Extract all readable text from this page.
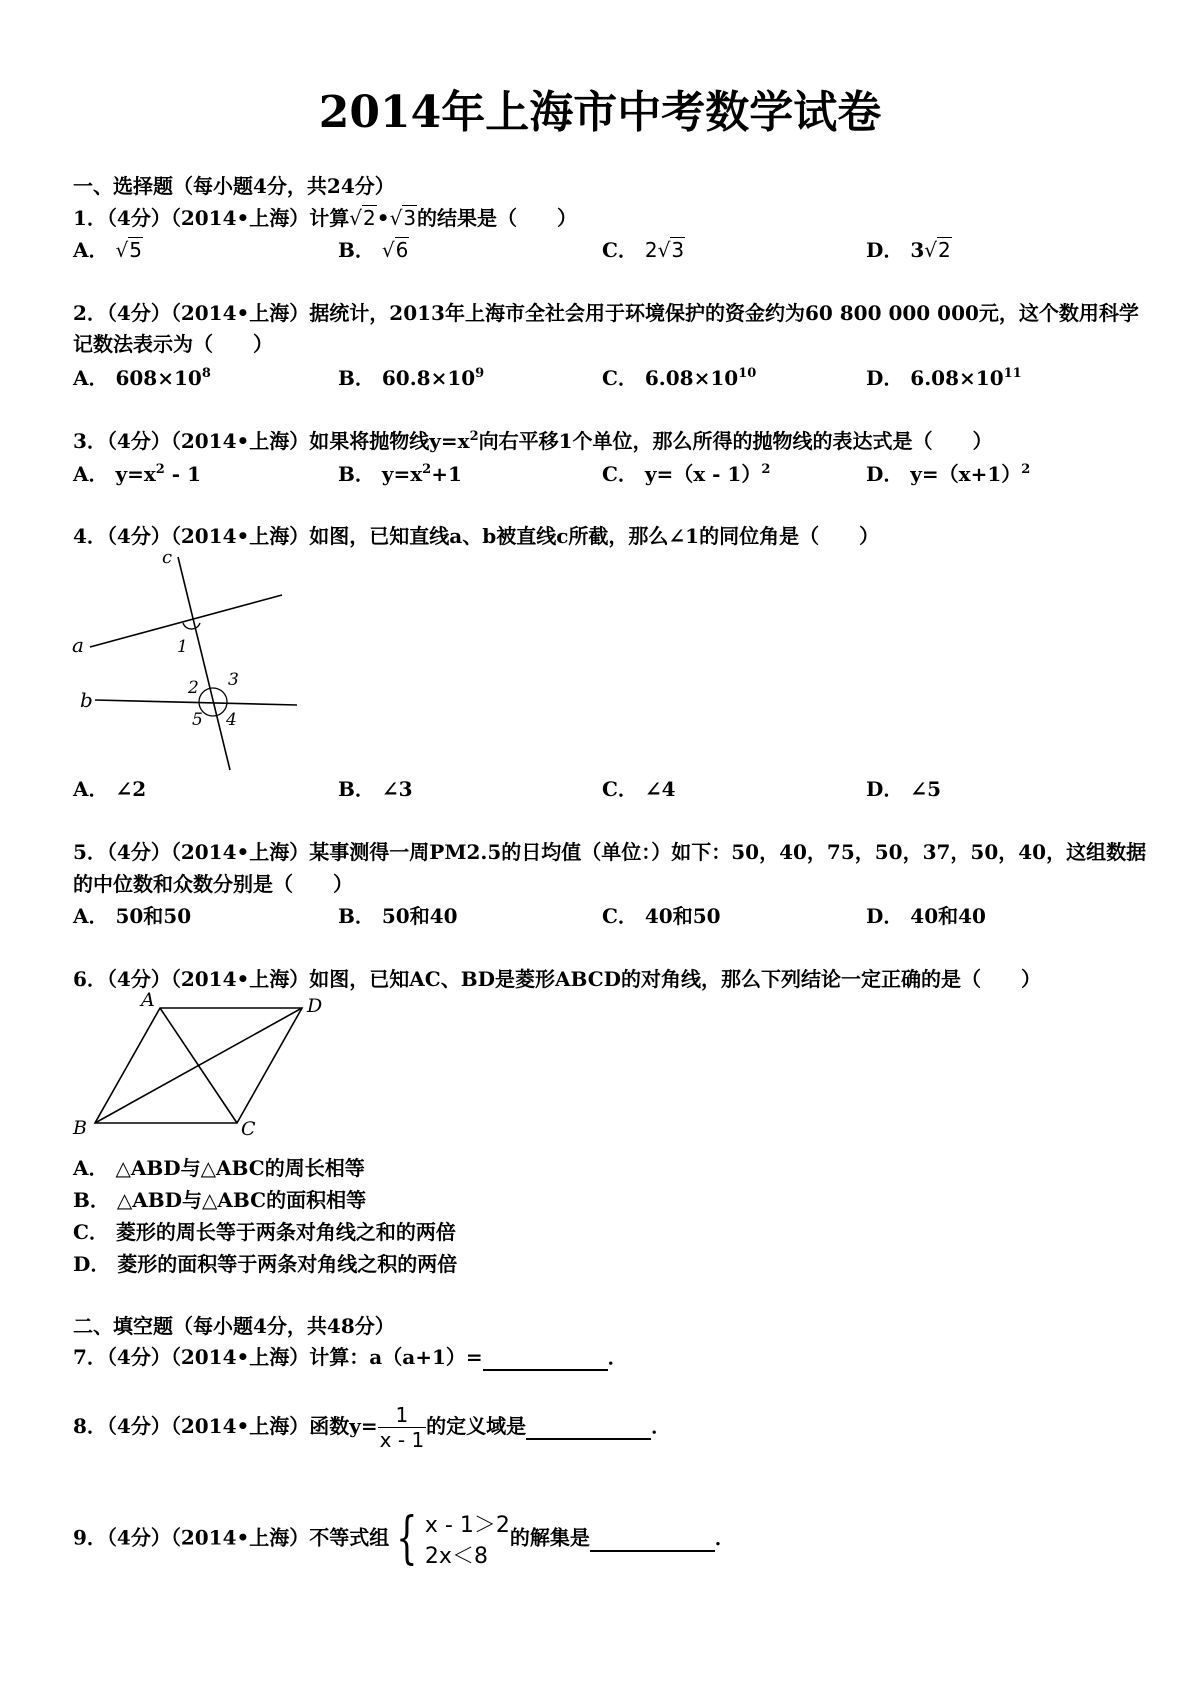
2014年上海市中考数学试卷
一、选择题（每小题4分，共24分）
1．（4分）（2014•上海）计算√2•√3的结果是（　　）
A． √5	B． √6	C． 2√3	D． 3√2
2．（4分）（2014•上海）据统计，2013年上海市全社会用于环境保护的资金约为60 800 000 000元，这个数用科学
记数法表示为（　　）
A． $608\times 10^8$	B． $60.8\times 10^9$	C． $6.08\times 10^{10}$	D． $6.08\times 10^{11}$
3．（4分）（2014•上海）如果将抛物线$y=x^2$向右平移1个单位，那么所得的抛物线的表达式是（　　）
A． $y=x^2 - 1$	B． $y=x^2+1$	C． y=（x - 1）$^2$	D． $y=(x+1)^2$
4．（4分）（2014•上海）如图，已知直线a、b被直线c所截，那么∠1的同位角是（　　）
c
a
b
1
2 3
4
5
A． ∠2	B． ∠3	C． ∠4	D． ∠5
5．（4分）（2014•上海）某事测得一周PM2.5的日均值（单位：）如下：50，40，75，50，37，50，40，这组数据
的中位数和众数分别是（　　）
A． 50和50	B． 50和40	C． 40和50	D． 40和40
6．（4分）（2014•上海）如图，已知AC、BD是菱形ABCD的对角线，那么下列结论一定正确的是（　　）
A	D
B	C
A． △ABD与△ABC的周长相等
B． △ABD与△ABC的面积相等
C． 菱形的周长等于两条对角线之和的两倍
D． 菱形的面积等于两条对角线之积的两倍
二、填空题（每小题4分，共48分）
7．（4分）（2014•上海）计算：a（a+1）=	．
8．（4分）（2014•上海）函数$y= \frac{1}{x - 1}$ 的定义域是	．
9．（4分）（2014•上海）不等式组 { x - 1＞2
2x＜8
的解集是	．
